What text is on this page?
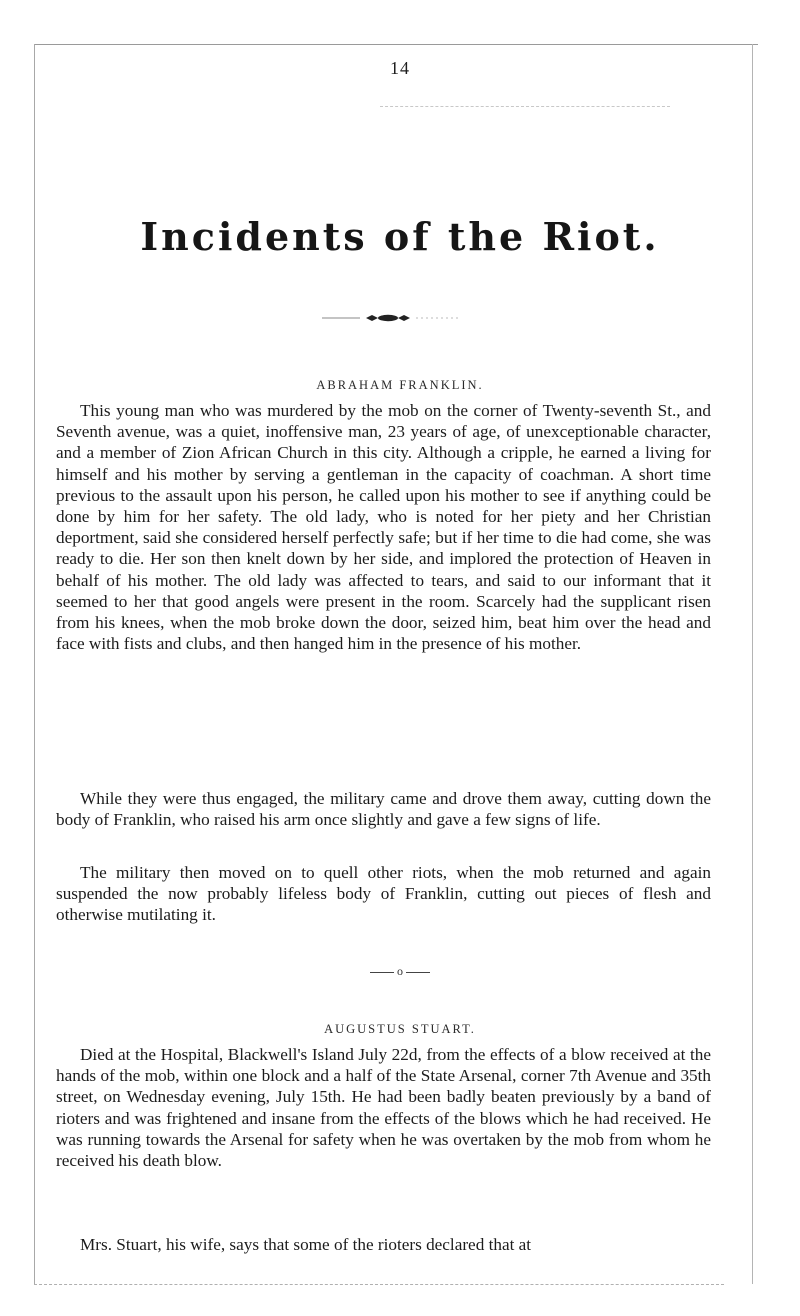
14
Incidents of the Riot.
ABRAHAM FRANKLIN.

This young man who was murdered by the mob on the corner of Twenty-seventh St., and Seventh avenue, was a quiet, inoffensive man, 23 years of age, of unexceptionable character, and a member of Zion African Church in this city. Although a cripple, he earned a living for himself and his mother by serving a gentleman in the capacity of coachman. A short time previous to the assault upon his person, he called upon his mother to see if anything could be done by him for her safety. The old lady, who is noted for her piety and her Christian deportment, said she considered herself perfectly safe; but if her time to die had come, she was ready to die. Her son then knelt down by her side, and implored the protection of Heaven in behalf of his mother. The old lady was affected to tears, and said to our informant that it seemed to her that good angels were present in the room. Scarcely had the supplicant risen from his knees, when the mob broke down the door, seized him, beat him over the head and face with fists and clubs, and then hanged him in the presence of his mother.

While they were thus engaged, the military came and drove them away, cutting down the body of Franklin, who raised his arm once slightly and gave a few signs of life.

The military then moved on to quell other riots, when the mob returned and again suspended the now probably lifeless body of Franklin, cutting out pieces of flesh and otherwise mutilating it.

o
AUGUSTUS STUART.

Died at the Hospital, Blackwell's Island July 22d, from the effects of a blow received at the hands of the mob, within one block and a half of the State Arsenal, corner 7th Avenue and 35th street, on Wednesday evening, July 15th. He had been badly beaten previously by a band of rioters and was frightened and insane from the effects of the blows which he had received. He was running towards the Arsenal for safety when he was overtaken by the mob from whom he received his death blow.

Mrs. Stuart, his wife, says that some of the rioters declared that at
